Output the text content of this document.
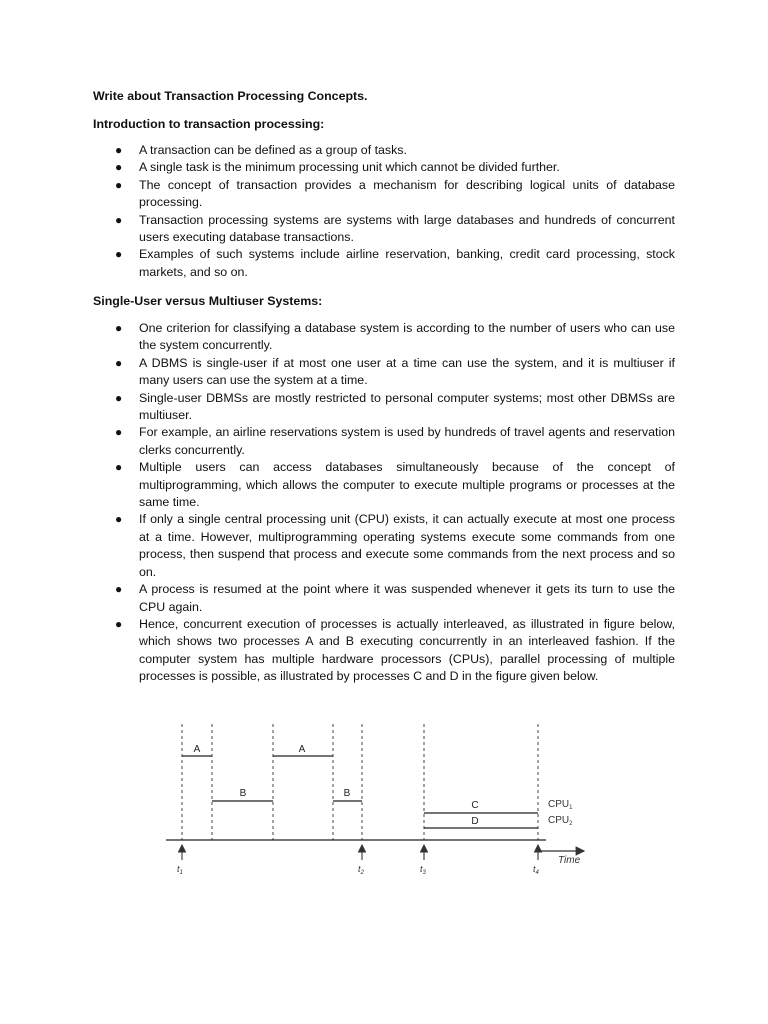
Write about Transaction Processing Concepts.

Introduction to transaction processing:

● A transaction can be defined as a group of tasks.
● A single task is the minimum processing unit which cannot be divided further.
● The concept of transaction provides a mechanism for describing logical units of database processing.
● Transaction processing systems are systems with large databases and hundreds of concurrent users executing database transactions.
● Examples of such systems include airline reservation, banking, credit card processing, stock markets, and so on.

Single-User versus Multiuser Systems:

● One criterion for classifying a database system is according to the number of users who can use the system concurrently.
● A DBMS is single-user if at most one user at a time can use the system, and it is multiuser if many users can use the system at a time.
● Single-user DBMSs are mostly restricted to personal computer systems; most other DBMSs are multiuser.
● For example, an airline reservations system is used by hundreds of travel agents and reservation clerks concurrently.
● Multiple users can access databases simultaneously because of the concept of multiprogramming, which allows the computer to execute multiple programs or processes at the same time.
● If only a single central processing unit (CPU) exists, it can actually execute at most one process at a time. However, multiprogramming operating systems execute some commands from one process, then suspend that process and execute some commands from the next process and so on.
● A process is resumed at the point where it was suspended whenever it gets its turn to use the CPU again.
● Hence, concurrent execution of processes is actually interleaved, as illustrated in figure below, which shows two processes A and B executing concurrently in an interleaved fashion. If the computer system has multiple hardware processors (CPUs), parallel processing of multiple processes is possible, as illustrated by processes C and D in the figure given below.
A
B
A
B
C
D
$CPU_1$
$CPU_2$
Time
$t_1$	$t_2$	$t_3$	$t_4$
